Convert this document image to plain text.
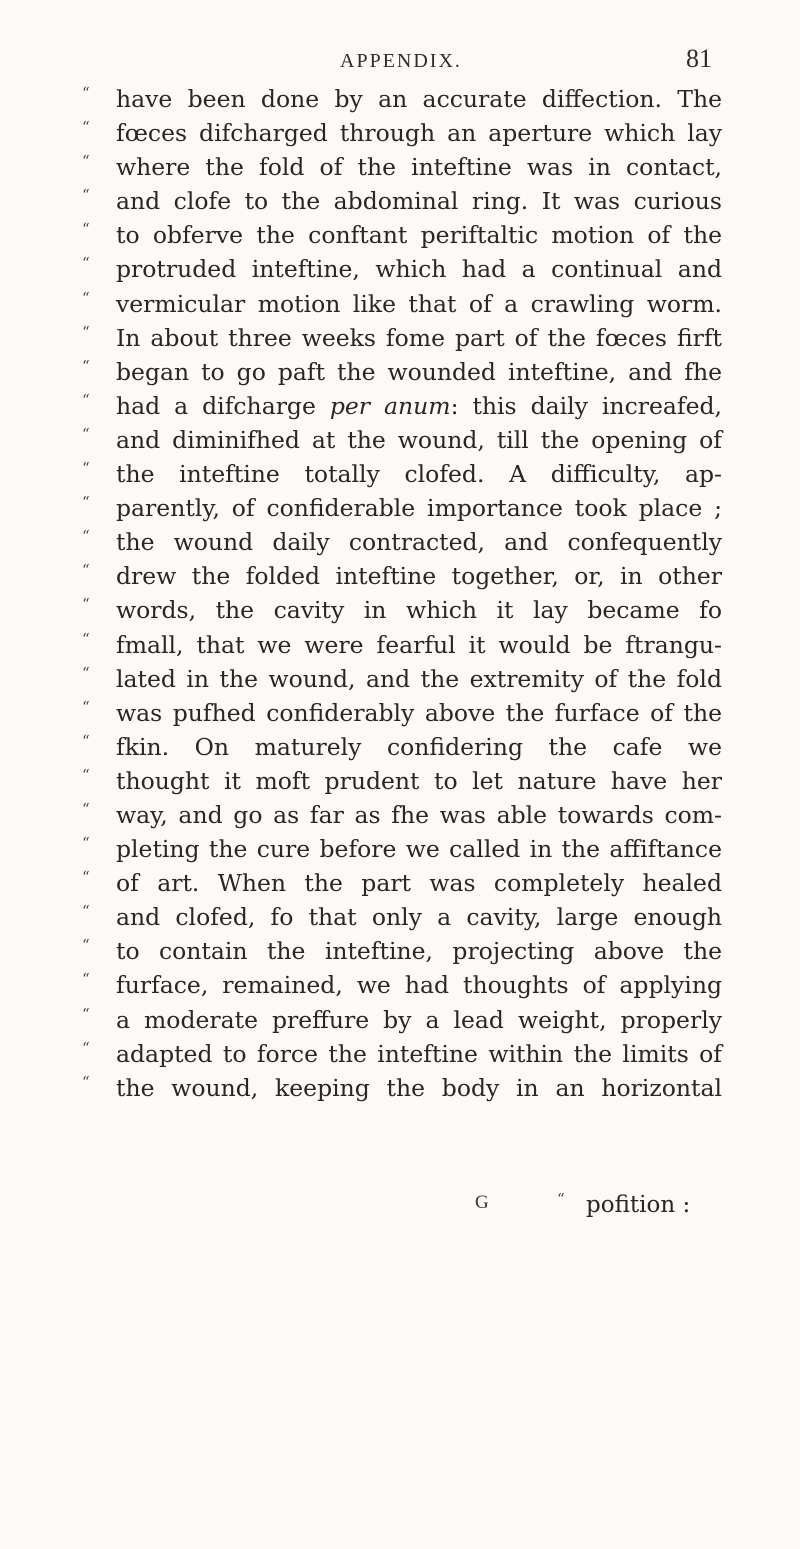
APPENDIX.	81
“	have been done by an accurate diffection. The
“	fœces difcharged through an aperture which lay
“	where the fold of the inteftine was in contact,
“	and clofe to the abdominal ring. It was curious
“	to obferve the conftant periftaltic motion of the
“	protruded inteftine, which had a continual and
“	vermicular motion like that of a crawling worm.
“	In about three weeks fome part of the fœces firft
“	began to go paft the wounded inteftine, and fhe
“	had a difcharge per anum: this daily increafed,
“	and diminifhed at the wound, till the opening of
“	the inteftine totally clofed. A difficulty, ap-
“	parently, of confiderable importance took place ;
“	the wound daily contracted, and confequently
“	drew the folded inteftine together, or, in other
“	words, the cavity in which it lay became fo
“	fmall, that we were fearful it would be ftrangu-
“	lated in the wound, and the extremity of the fold
“	was pufhed confiderably above the furface of the
“	fkin. On maturely confidering the cafe we
“	thought it moft prudent to let nature have her
“	way, and go as far as fhe was able towards com-
“	pleting the cure before we called in the affiftance
“	of art. When the part was completely healed
“	and clofed, fo that only a cavity, large enough
“	to contain the inteftine, projecting above the
“	furface, remained, we had thoughts of applying
“	a moderate preffure by a lead weight, properly
“	adapted to force the inteftine within the limits of
“	the wound, keeping the body in an horizontal
G	“ pofition :
